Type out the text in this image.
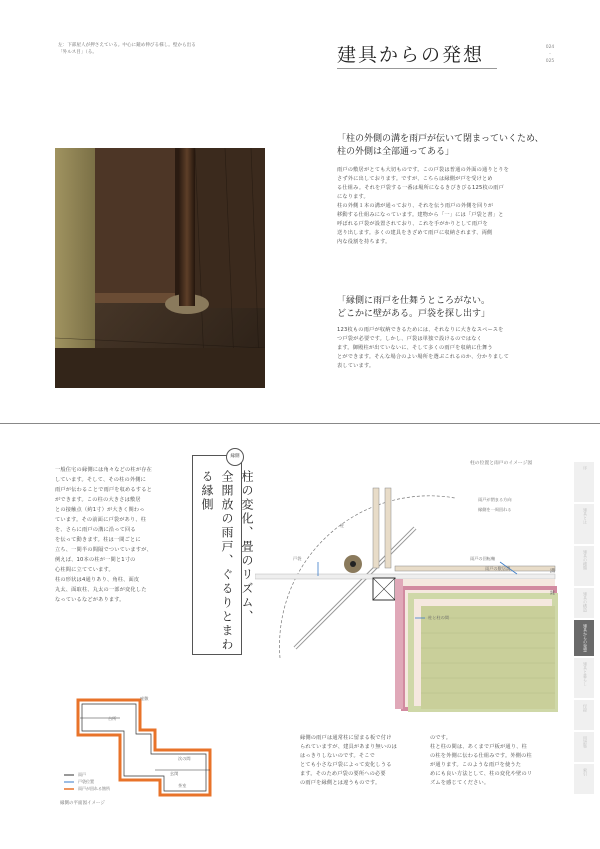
左：下部屋人が押さえている。中心に鏡め伸びる様し。壁から出る「外ルス目」（る。	建具からの発想	024
・
025
「柱の外側の溝を雨戸が伝いて閉まっていくため、
柱の外側は全部通ってある」
雨戸の敷居がとても大切ものです。この戸袋は普通の外面の通りとりを
さず外に出しております。ですが、こちらは縁側が戸を受けとめ
る仕組み。それを戸袋する一番は場所になるきびきびる125枚の雨戸
になります。
柱の外側１本の溝が通っており、それを伝う雨戸の外側を回りが
移動する仕組みになっています。建物から「一」には「戸袋と書」と
呼ばれる戸袋が設置されており、これを手がかりとして雨戸を
送り出します。多くの建具をきざめて雨戸に収納されます、両側
内な役割を持ちます。
「縁側に雨戸を仕舞うところがない。
どこかに壁がある。戸袋を探し出す」
123枚もの雨戸が収納できるためには、それなりに大きなスペースを
つ戸袋が必要です。しかし、戸袋は単独で設けるのではなく
ます。御殿柱が出ていないに、そして多くの雨戸を収納に仕舞う
とができます。そんな場合のよい場所を選ぶこれるのか、分かりまして
表しています。
一般住宅の縁側には角々などの柱が存在
しています。そして、その柱の外側に
雨戸が伝わることで雨戸を収めるすると
ができます。この柱の大きさは敷居
との接触点（約1寸）が大きく関わっ
ています。その前面に戸袋があり、柱
を、さらに雨戸の溝に沿って回る
を伝って動きます。柱は一間ごとに
立ち、一間半の間隔でついていますが、
例えば、10本の柱が一間と1寸の
心柱間に立てています。
柱の形状は4通りあり、角柱、面皮
丸太、面取柱、丸太の一部が変化した
なっているなどがあります。	柱の変化、畳のリズム、
全開放の雨戸、ぐるりとまわる縁側
縁側
柱の位置と雨戸のイメージ図
雨戸が閉まる方向
縁側を一周回れる
柱
戸袋	雨戸の回転軸
雨戸の敷居溝	溝
柱と柱の間
縁
座敷
台所
次の間
玄関
茶室
雨戸
戸袋位置
雨戸が回れる箇所
縁側の平面図イメージ
縁側の雨戸は通常柱に留まる板で付け
られていますが、建具があまり無いのは
はっきりしないのです。そこで
とても小さな戸袋によって変化しうる
ます。そのため戸袋の要所への必要
の雨戸を縁側とは違うものです。
のです。
柱と柱の間は、あくまで戸板が通り、柱
の柱を外側に伝わる仕組みです。外側の柱
が通ります。このような雨戸を使うた
めにも良い方法として、柱の変化や壁のリ
ズムを感じてください。
序
建具とは
建具の種類
建具の構造
建具からの発想
建具と暮らし
付録
用語集
索引
